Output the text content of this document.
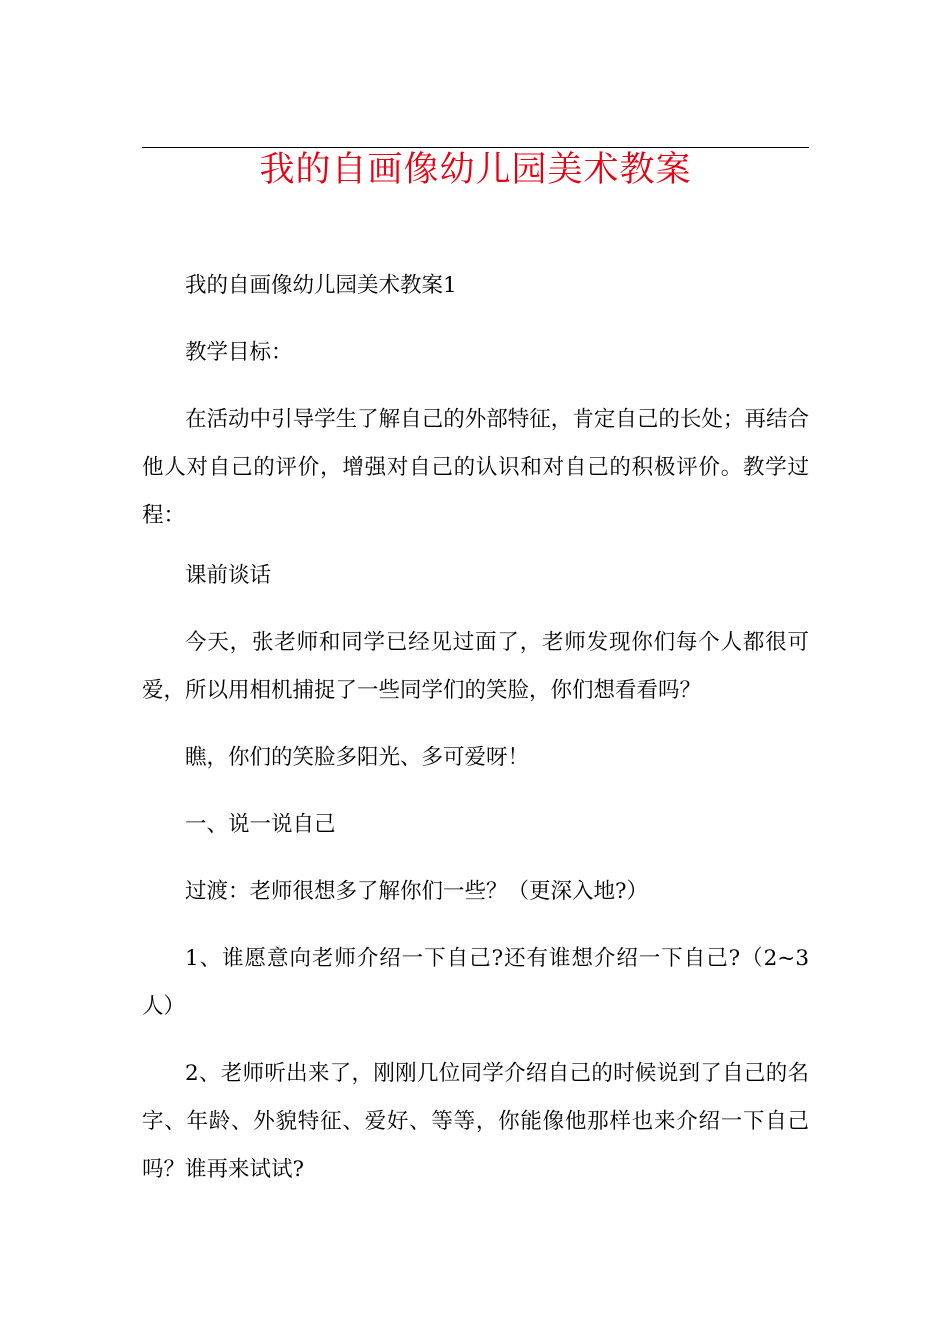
我的自画像幼儿园美术教案

我的自画像幼儿园美术教案1

教学目标：

在活动中引导学生了解自己的外部特征，肯定自己的长处；再结合他人对自己的评价，增强对自己的认识和对自己的积极评价。教学过程：

课前谈话

今天，张老师和同学已经见过面了，老师发现你们每个人都很可爱，所以用相机捕捉了一些同学们的笑脸，你们想看看吗？

瞧，你们的笑脸多阳光、多可爱呀！

一、说一说自己

过渡：老师很想多了解你们一些？（更深入地?）

1、谁愿意向老师介绍一下自己?还有谁想介绍一下自己?（2~3人）

2、老师听出来了，刚刚几位同学介绍自己的时候说到了自己的名字、年龄、外貌特征、爱好、等等，你能像他那样也来介绍一下自己吗？谁再来试试?
